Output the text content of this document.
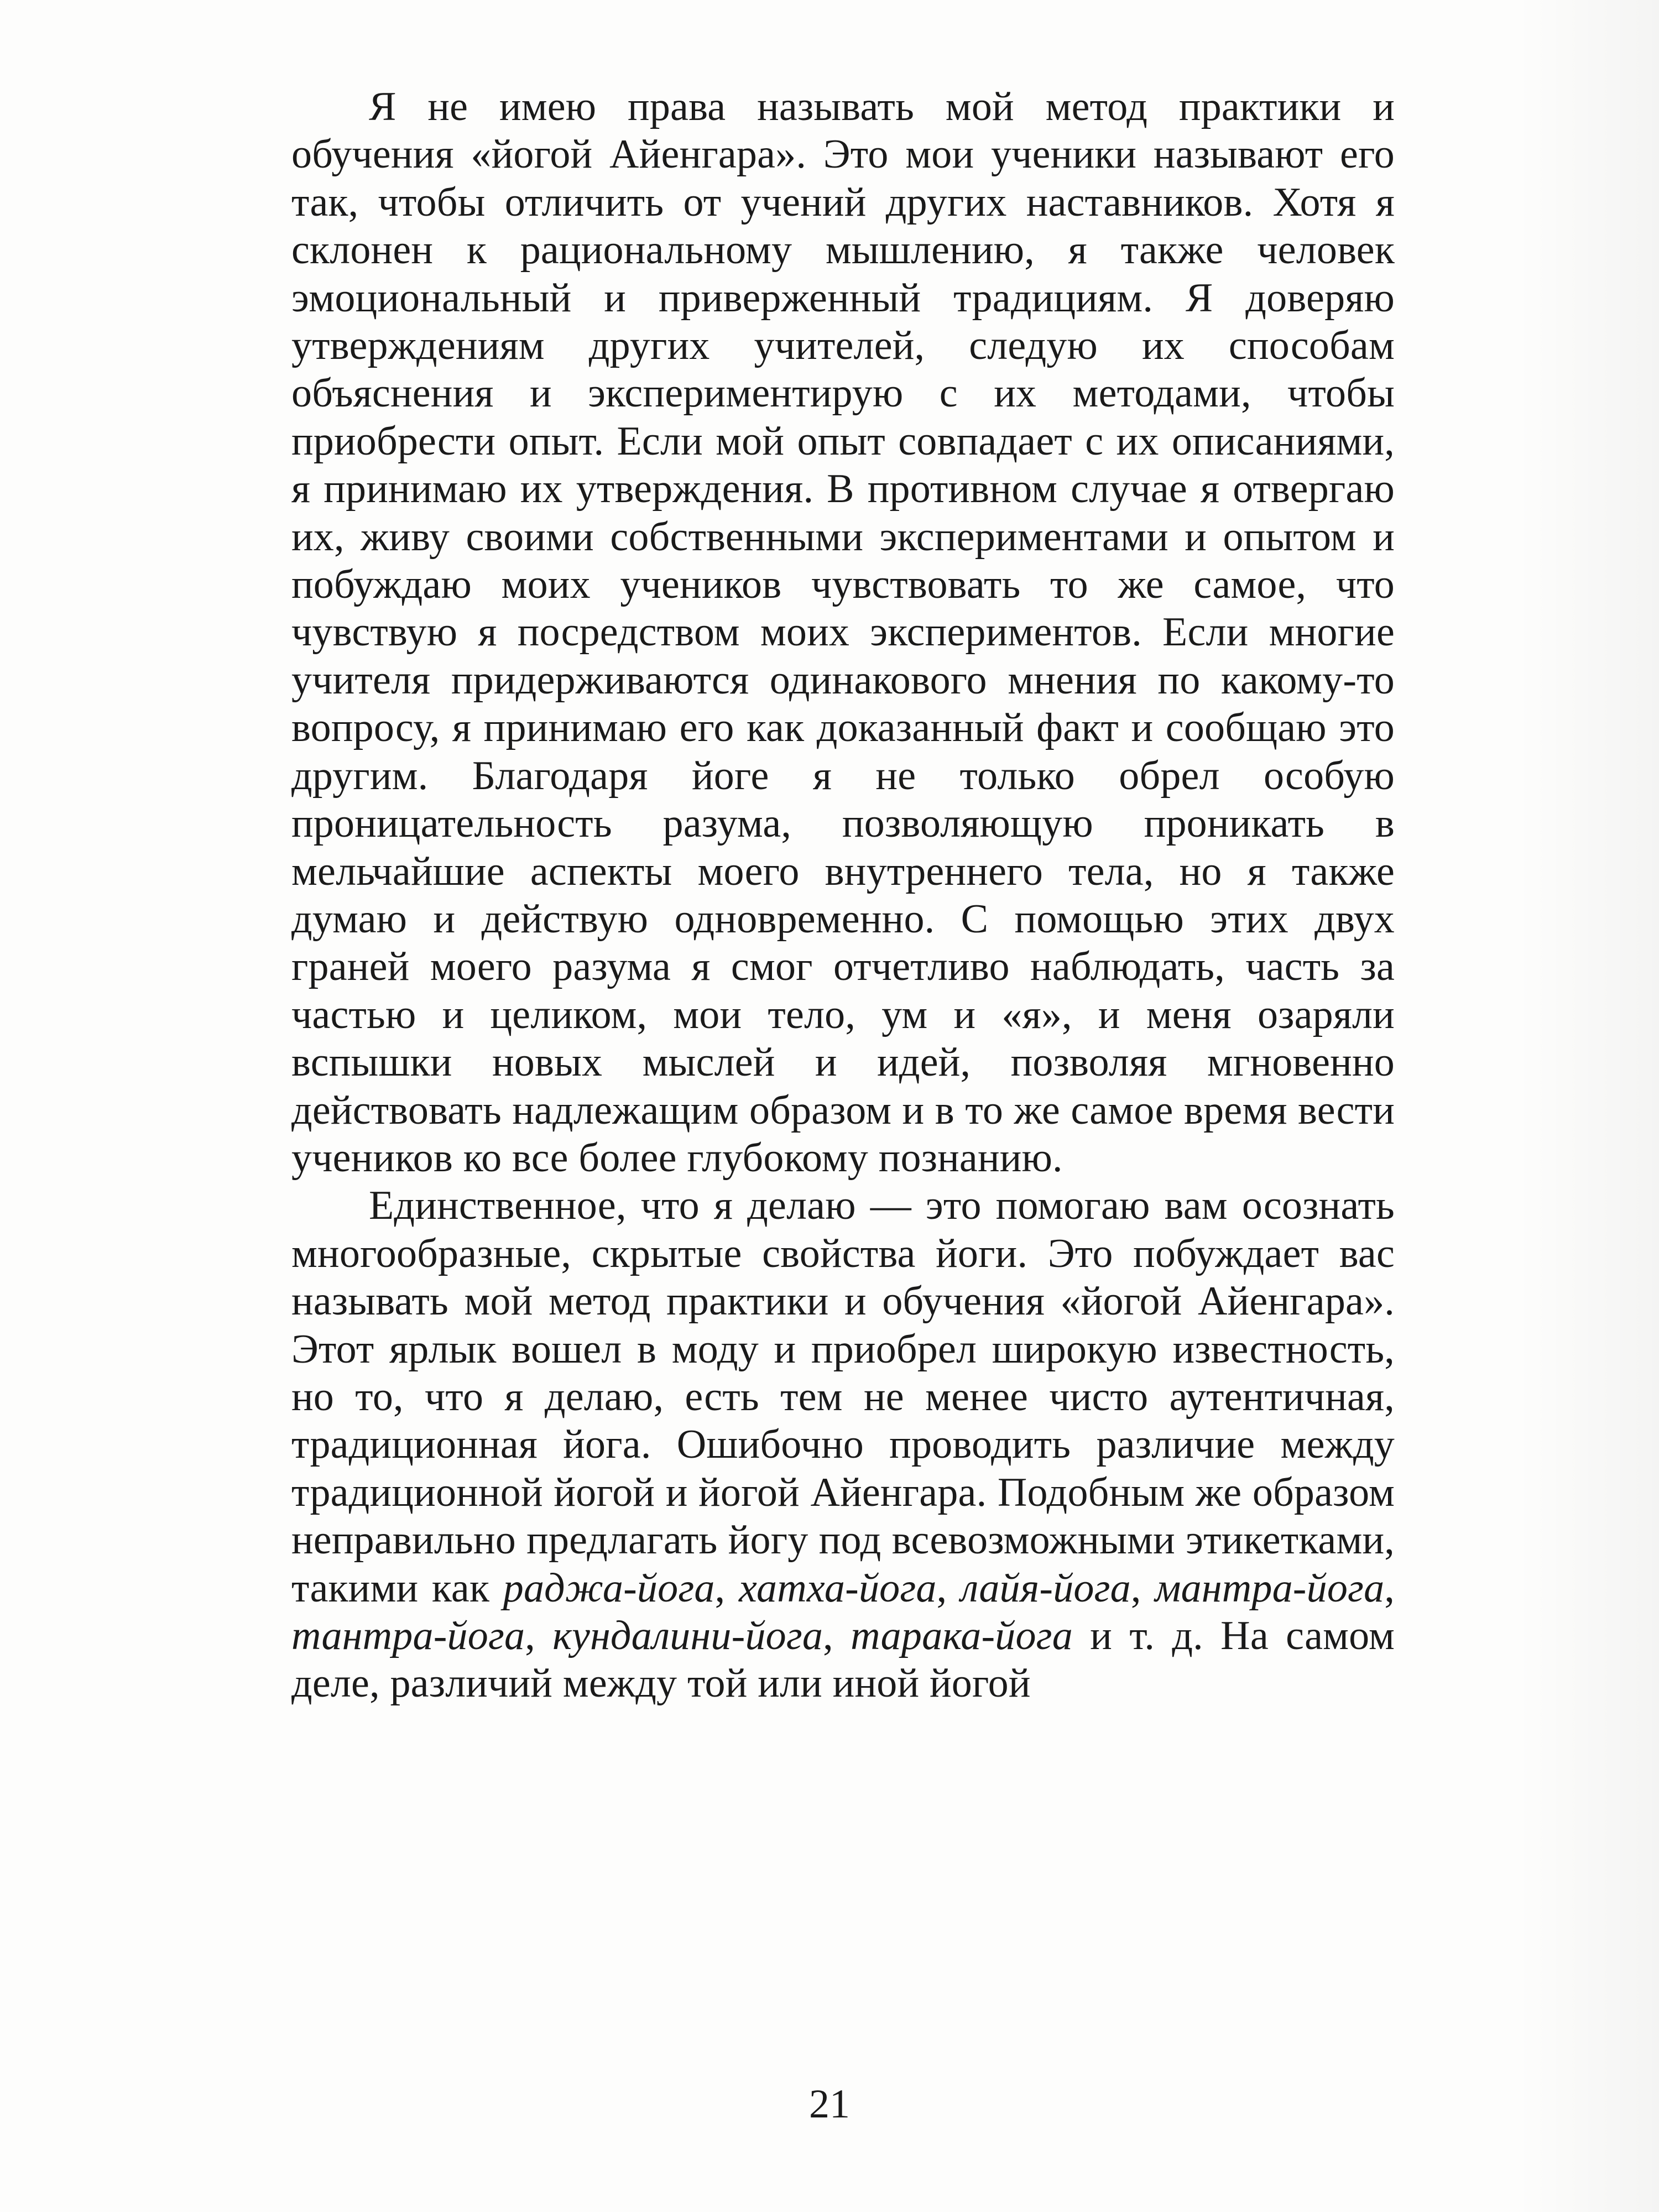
Я не имею права называть мой метод практики и обучения «йогой Айенгара». Это мои ученики называют его так, чтобы отличить от учений других наставников. Хотя я склонен к рациональному мышлению, я также человек эмоциональный и приверженный традициям. Я доверяю утверждениям других учителей, следую их способам объяснения и экспериментирую с их методами, чтобы приобрести опыт. Если мой опыт совпадает с их описаниями, я принимаю их утверждения. В противном случае я отвергаю их, живу своими собственными экспериментами и опытом и побуждаю моих учеников чувствовать то же самое, что чувствую я посредством моих экспериментов. Если многие учителя придерживаются одинакового мнения по какому-то вопросу, я принимаю его как доказанный факт и сообщаю это другим. Благодаря йоге я не только обрел особую проницательность разума, позволяющую проникать в мельчайшие аспекты моего внутреннего тела, но я также думаю и действую одновременно. С помощью этих двух граней моего разума я смог отчетливо наблюдать, часть за частью и целиком, мои тело, ум и «я», и меня озаряли вспышки новых мыслей и идей, позволяя мгновенно действовать надлежащим образом и в то же самое время вести учеников ко все более глубокому познанию.

Единственное, что я делаю — это помогаю вам осознать многообразные, скрытые свойства йоги. Это побуждает вас называть мой метод практики и обучения «йогой Айенгара». Этот ярлык вошел в моду и приобрел широкую известность, но то, что я делаю, есть тем не менее чисто аутентичная, традиционная йога. Ошибочно проводить различие между традиционной йогой и йогой Айенгара. Подобным же образом неправильно предлагать йогу под всевозможными этикетками, такими как раджа-йога, хатха-йога, лайя-йога, мантра-йога, тантра-йога, кундалини-йога, тарака-йога и т. д. На самом деле, различий между той или иной йогой

21
